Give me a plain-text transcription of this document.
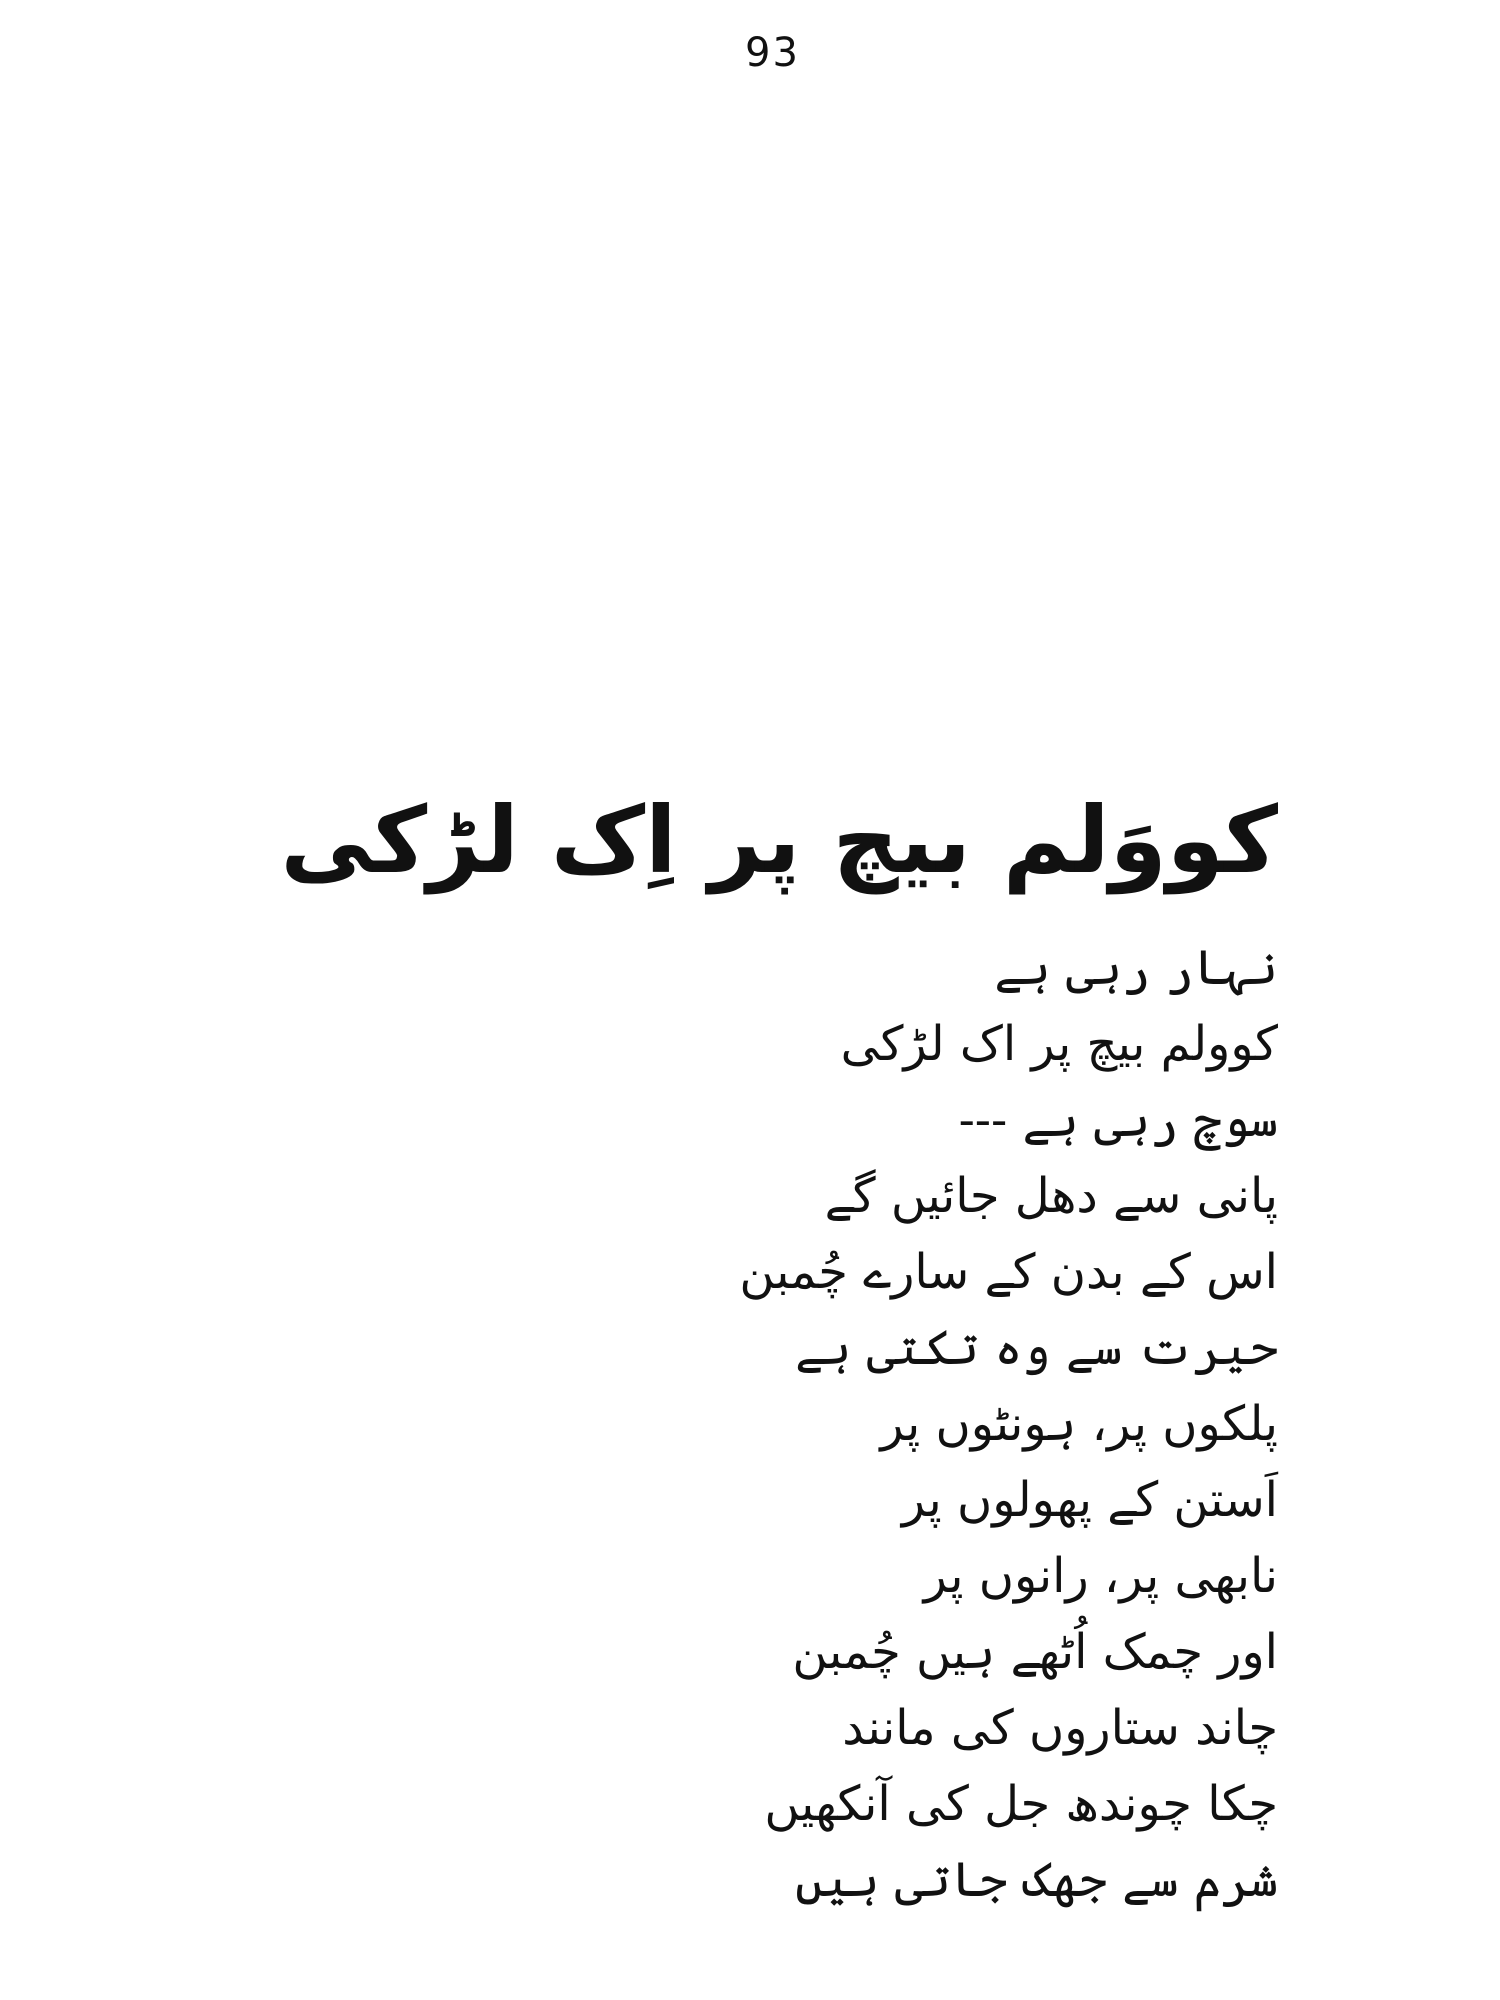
93
کووَلم بیچ پر اِک لڑکی
نہار رہی ہے
کوولم بیچ پر اک لڑکی
سوچ رہی ہے ---
پانی سے دھل جائیں گے
اس کے بدن کے سارے چُمبن
حیرت سے وہ تکتی ہے
پلکوں پر، ہونٹوں پر
اَستن کے پھولوں پر
نابھی پر، رانوں پر
اور چمک اُٹھے ہیں چُمبن
چاند ستاروں کی مانند
چکا چوندھ جل کی آنکھیں
شرم سے جھک جاتی ہیں
